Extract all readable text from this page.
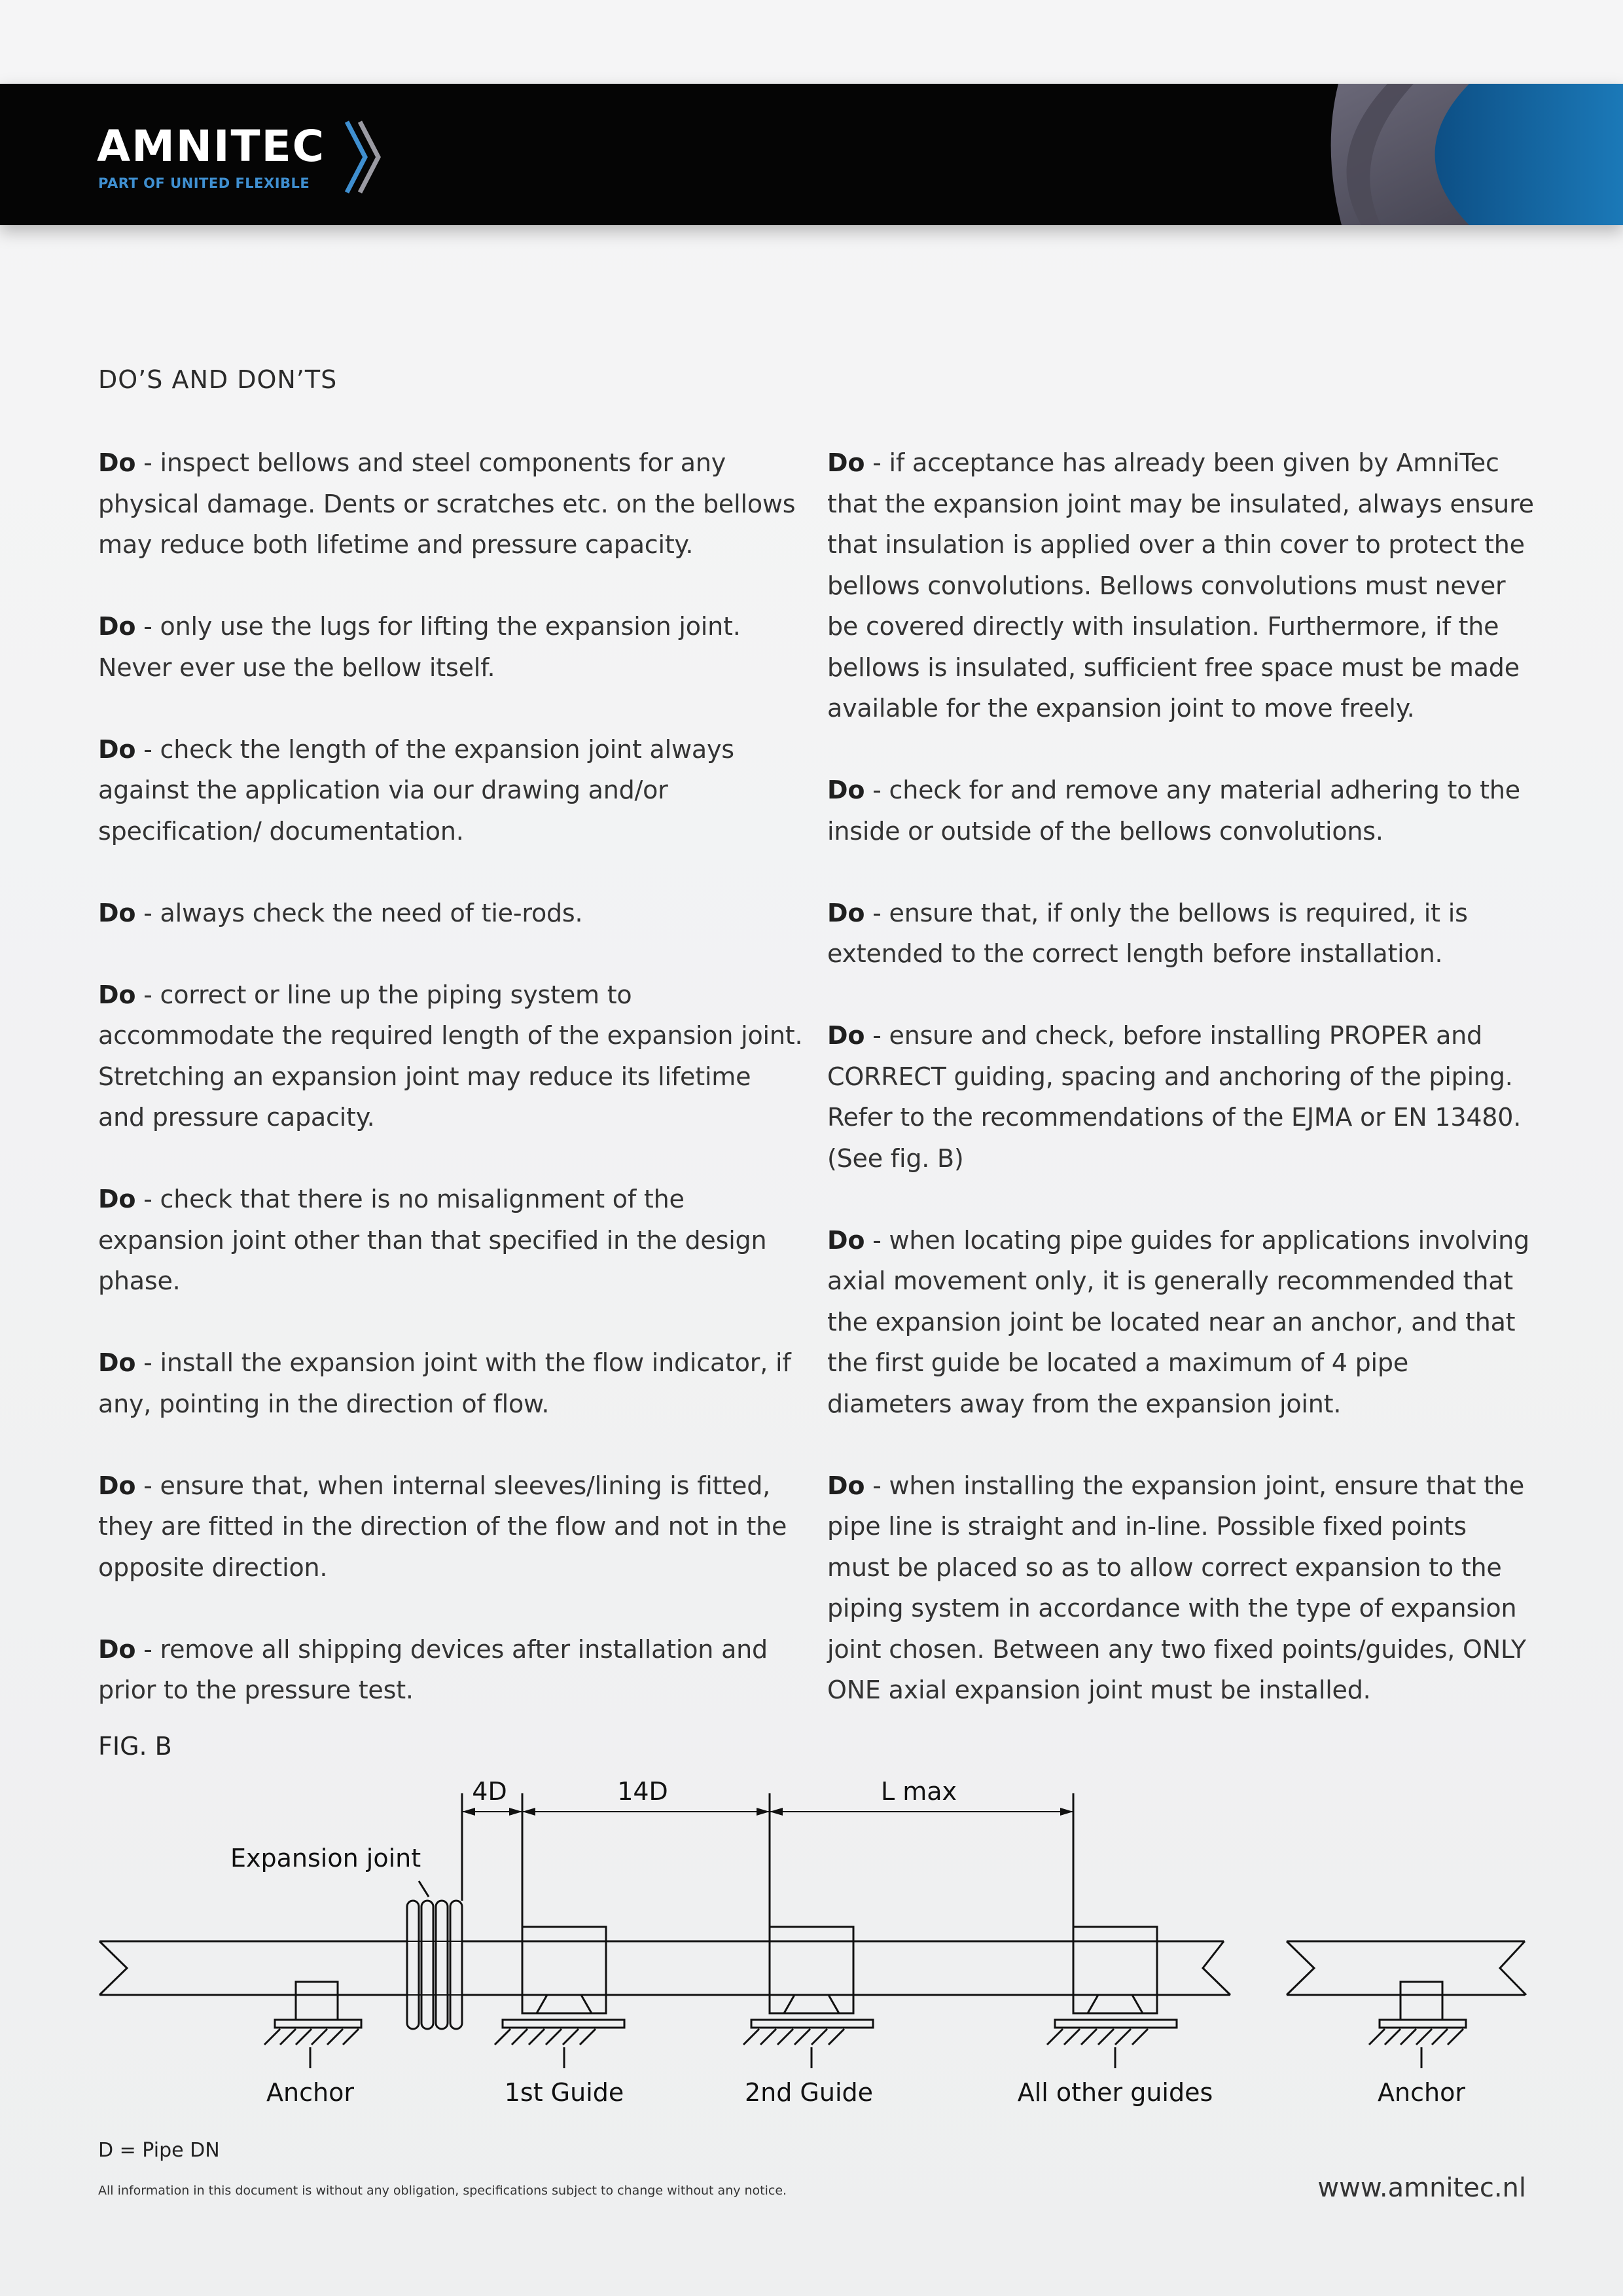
AMNITEC
PART OF UNITED FLEXIBLE
DO’S AND DON’TS

Do - inspect bellows and steel components for any physical damage. Dents or scratches etc. on the bellows may reduce both lifetime and pressure capacity.

Do - only use the lugs for lifting the expansion joint. Never ever use the bellow itself.

Do - check the length of the expansion joint always against the application via our drawing and/or specification/ documentation.

Do - always check the need of tie-rods.

Do - correct or line up the piping system to accommodate the required length of the expansion joint. Stretching an expansion joint may reduce its lifetime and pressure capacity.

Do - check that there is no misalignment of the expansion joint other than that specified in the design phase.

Do - install the expansion joint with the flow indicator, if any, pointing in the direction of flow.

Do - ensure that, when internal sleeves/lining is fitted, they are fitted in the direction of the flow and not in the opposite direction.

Do - remove all shipping devices after installation and prior to the pressure test.

Do - if acceptance has already been given by AmniTec that the expansion joint may be insulated, always ensure that insulation is applied over a thin cover to protect the bellows convolutions. Bellows convolutions must never be covered directly with insulation. Furthermore, if the bellows is insulated, sufficient free space must be made available for the expansion joint to move freely.

Do - check for and remove any material adhering to the inside or outside of the bellows convolutions.

Do - ensure that, if only the bellows is required, it is extended to the correct length before installation.

Do - ensure and check, before installing PROPER and CORRECT guiding, spacing and anchoring of the piping. Refer to the recommendations of the EJMA or EN 13480. (See fig. B)

Do - when locating pipe guides for applications involving axial movement only, it is generally recommended that the expansion joint be located near an anchor, and that the first guide be located a maximum of 4 pipe diameters away from the expansion joint.

Do - when installing the expansion joint, ensure that the pipe line is straight and in-line. Possible fixed points must be placed so as to allow correct expansion to the piping system in accordance with the type of expansion joint chosen. Between any two fixed points/guides, ONLY ONE axial expansion joint must be installed.

FIG. B
4D	14D	L max
Expansion joint
Anchor	1st Guide	2nd Guide	All other guides	Anchor
D = Pipe DN
All information in this document is without any obligation, specifications subject to change without any notice.	www.amnitec.nl
